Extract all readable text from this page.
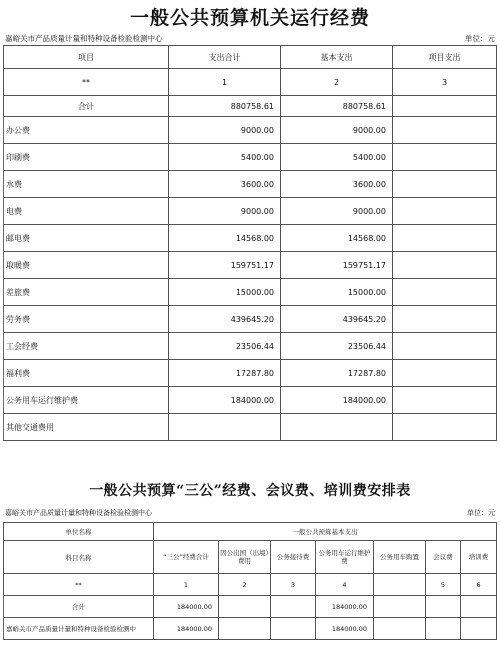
一般公共预算机关运行经费
嘉峪关市产品质量计量和特种设备检验检测中心	单位：元
项目	支出合计	基本支出	项目支出
**	1	2	3
合计	880758.61	880758.61	
办公费	9000.00	9000.00	
印刷费	5400.00	5400.00	
水费	3600.00	3600.00	
电费	9000.00	9000.00	
邮电费	14568.00	14568.00	
取暖费	159751.17	159751.17	
差旅费	15000.00	15000.00	
劳务费	439645.20	439645.20	
工会经费	23506.44	23506.44	
福利费	17287.80	17287.80	
公务用车运行维护费	184000.00	184000.00	
其他交通费用			
一般公共预算“三公”经费、会议费、培训费安排表
嘉峪关市产品质量计量和特种设备检验检测中心	单位：元
单位名称	一般公共预算基本支出						
科目名称	“三公”经费合计	因公出国（出境）费用	公务接待费	公务用车运行维护费	公务用车购置	会议费	培训费
**	1	2	3	4		5	6
合计	184000.00			184000.00			
嘉峪关市产品质量计量和特种设备检验检测中	184000.00			184000.00			
